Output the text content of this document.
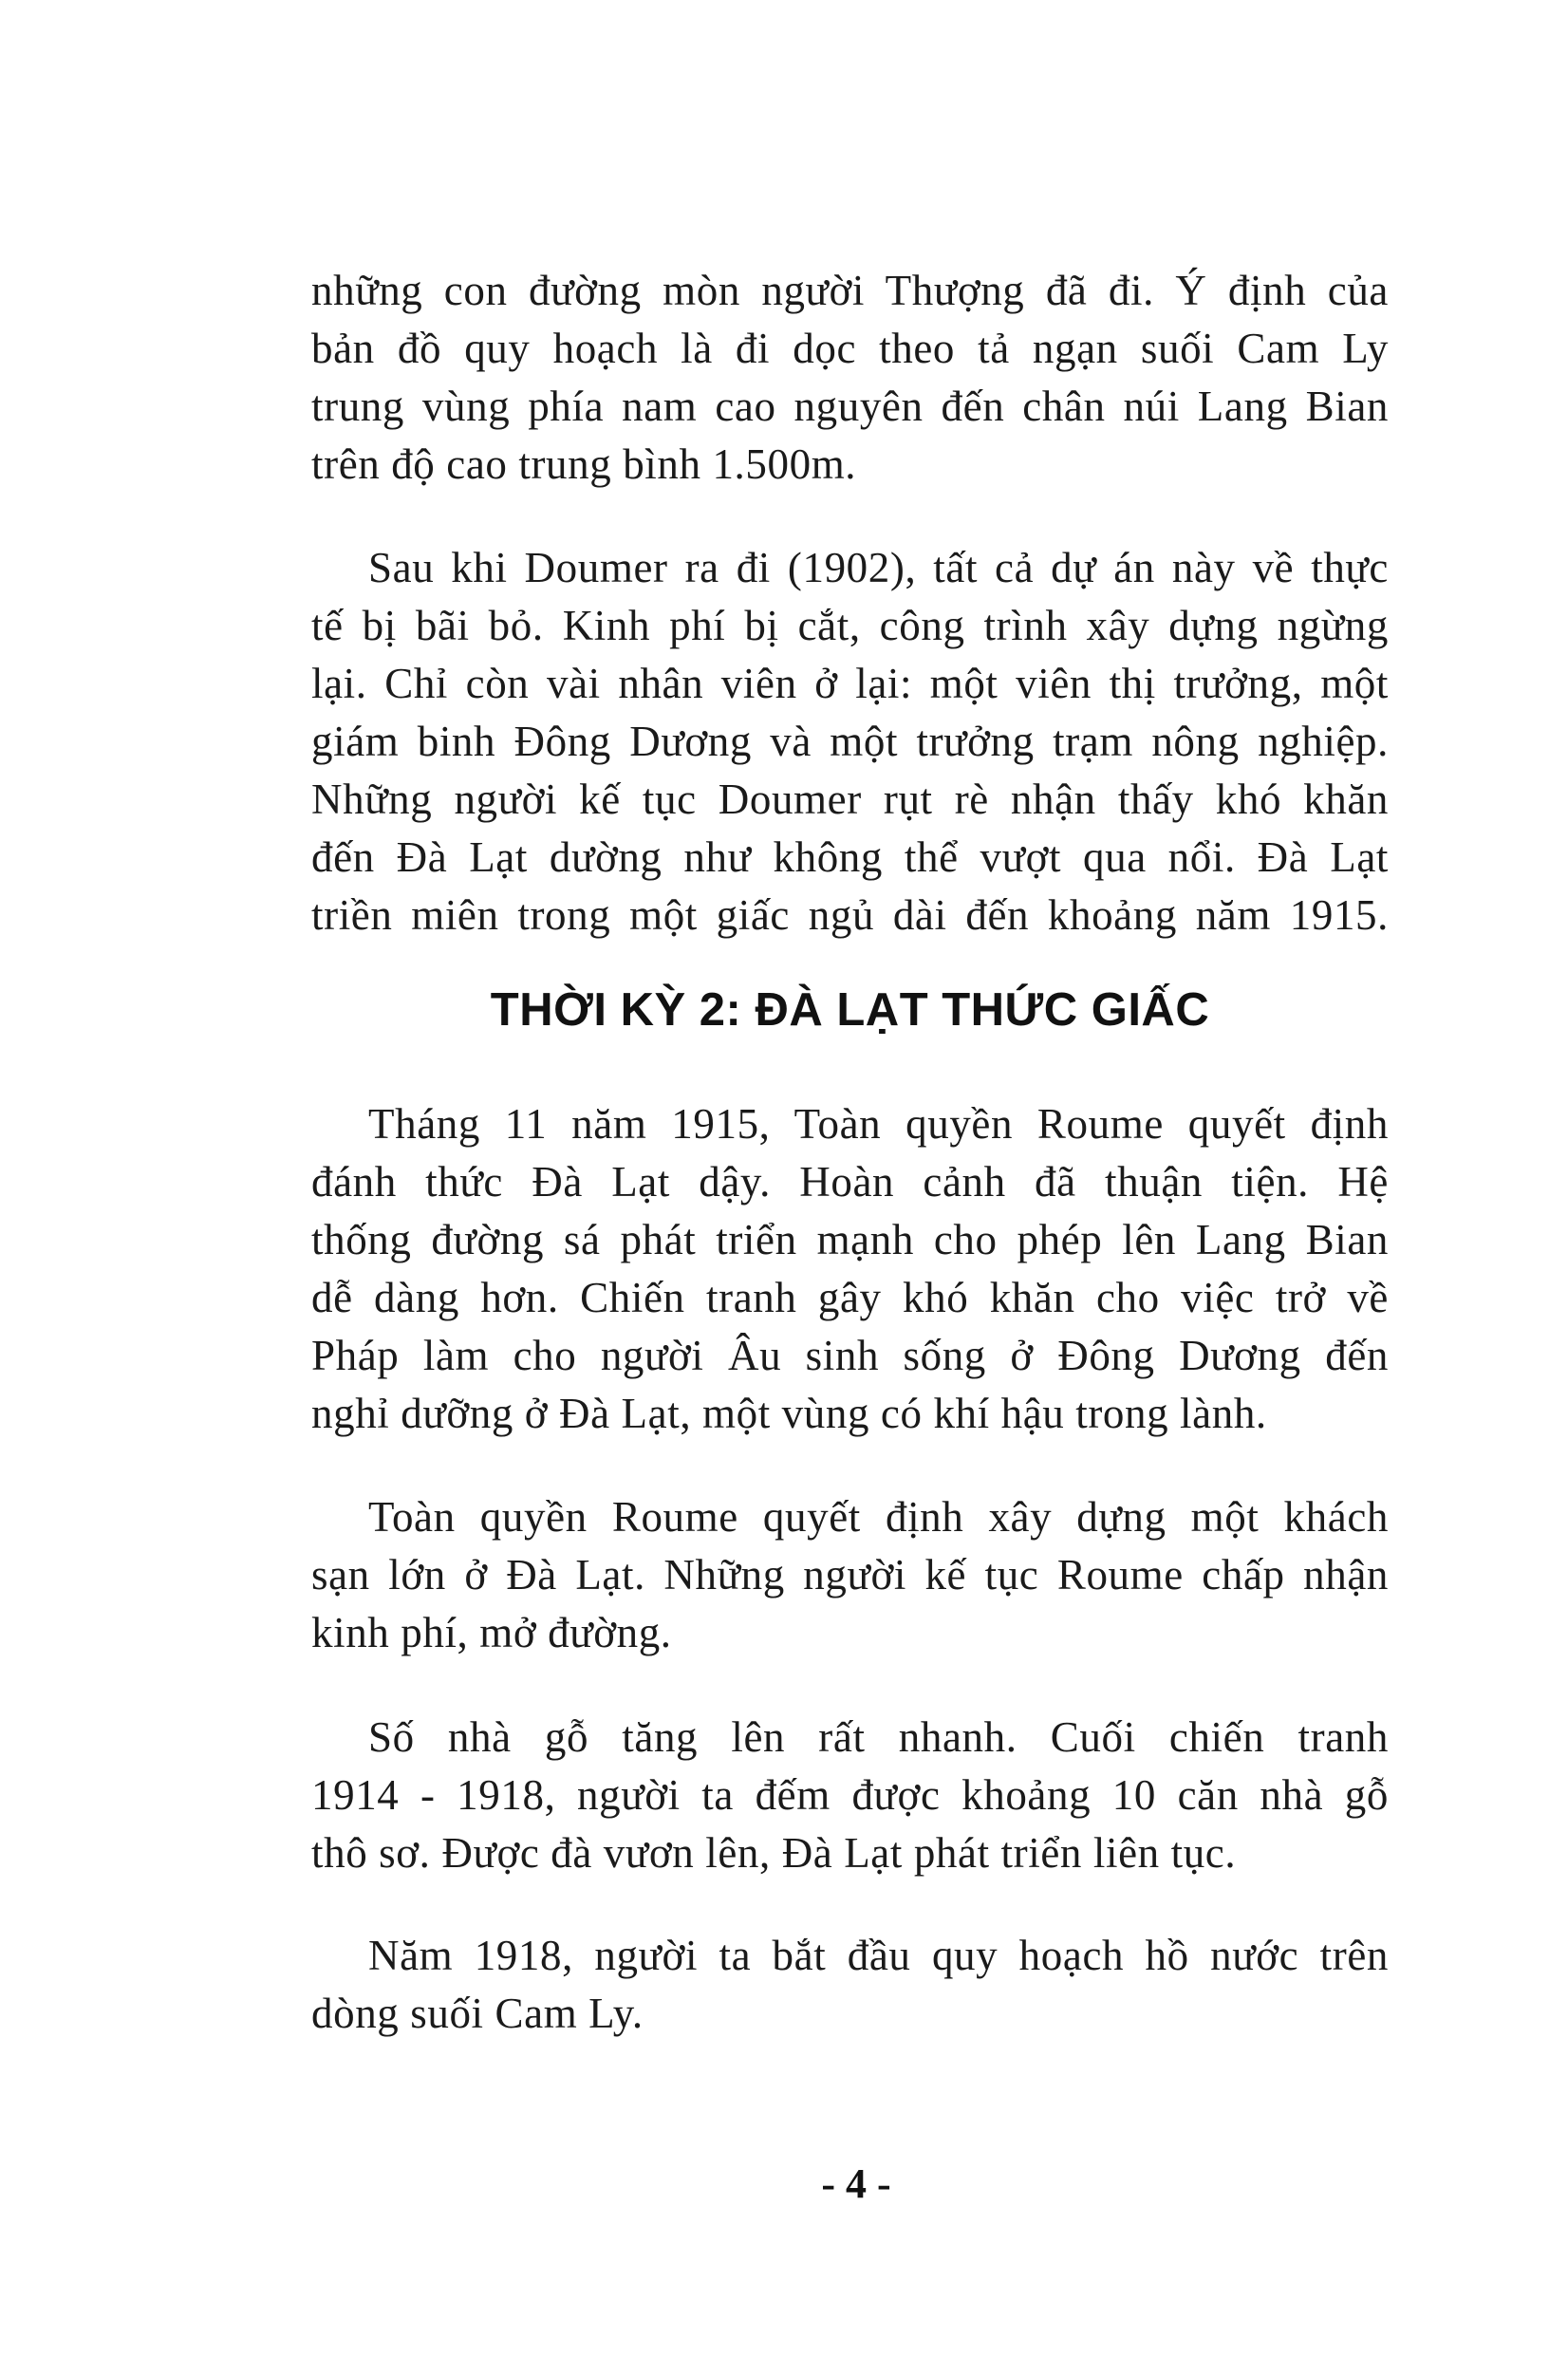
những con đường mòn người Thượng đã đi. Ý định của
bản đồ quy hoạch là đi dọc theo tả ngạn suối Cam Ly
trung vùng phía nam cao nguyên đến chân núi Lang Bian
trên độ cao trung bình 1.500m.
Sau khi Doumer ra đi (1902), tất cả dự án này về thực
tế bị bãi bỏ. Kinh phí bị cắt, công trình xây dựng ngừng
lại. Chỉ còn vài nhân viên ở lại: một viên thị trưởng, một
giám binh Đông Dương và một trưởng trạm nông nghiệp.
Những người kế tục Doumer rụt rè nhận thấy khó khăn
đến Đà Lạt dường như không thể vượt qua nổi. Đà Lạt
triền miên trong một giấc ngủ dài đến khoảng năm 1915.
THỜI KỲ 2: ĐÀ LẠT THỨC GIẤC
Tháng 11 năm 1915, Toàn quyền Roume quyết định
đánh thức Đà Lạt dậy. Hoàn cảnh đã thuận tiện. Hệ
thống đường sá phát triển mạnh cho phép lên Lang Bian
dễ dàng hơn. Chiến tranh gây khó khăn cho việc trở về
Pháp làm cho người Âu sinh sống ở Đông Dương đến
nghỉ dưỡng ở Đà Lạt, một vùng có khí hậu trong lành.
Toàn quyền Roume quyết định xây dựng một khách
sạn lớn ở Đà Lạt. Những người kế tục Roume chấp nhận
kinh phí, mở đường.
Số nhà gỗ tăng lên rất nhanh. Cuối chiến tranh
1914 - 1918, người ta đếm được khoảng 10 căn nhà gỗ
thô sơ. Được đà vươn lên, Đà Lạt phát triển liên tục.
Năm 1918, người ta bắt đầu quy hoạch hồ nước trên
dòng suối Cam Ly.
- 4 -
